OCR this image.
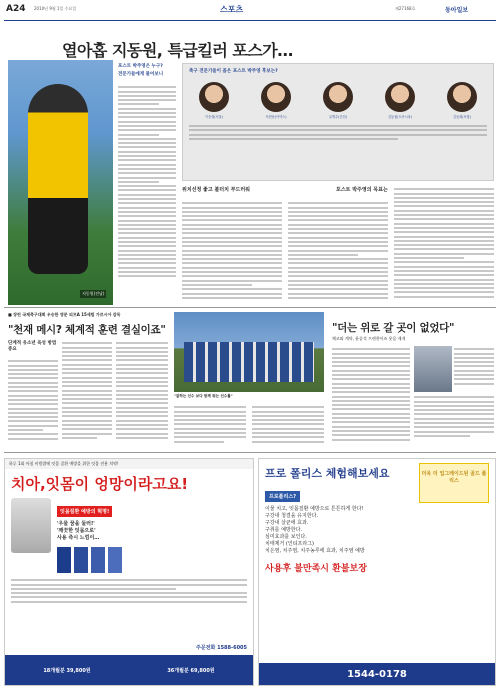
A24 2010년 9월 1일 수요일	스포츠	제27168호	동아일보
열아홉 지동원, 특급킬러 포스가…
지동원(전남)
포스트 박주영은 누구?
전문가들에게 물어보니
축구 전문가들이 꼽은 포스트 박주영 후보는?
이승렬(서울)	석현준(아약스)	유병수(인천)	김동섭(도쿠시마)	김동희(포항)
위치선정 좋고 볼터치 부드러워	포스트 박주영의 목표는
■ 장린 국제축구대회 우승한 영문 피프A 15세팀 가르시아 감독
"천재 메시? 체계적 훈련 결실이죠"
단계적 유소년 육성 방법 중요
"잘하는 선수 보다 함께 뛰는 선수를"
"더는 위로 갈 곳이 없었다"
체코와 계약, 윤종석 프랜챤이즈 웃음 재개
하루 1회 아침 비빔밥에 잇몸 질환 예방을 위한 잇몸 전용 치약!
치아,잇몸이 엉망이라고요!
잇몸질환 예방의 혁명!
'우물 꿈을 둘러!'
'깨끗한 잇몸으로'
사용 즉시 느낌이…
18개월분 39,800원	36개월분 69,800원
주문전화 1588-6005
프로 폴리스 체험해보세요	더욱 더 업그레이드된 골드 폴리스
프로폴리스?
이물 치고, 잇몸질환 예방으로 튼튼하게 한다!
구강내 청결을 유지한다.
구강내 살균에 효과.
구취를 예방한다.
심미효과를 보인다.
치태제거 (인티프라그)
치은염, 치주염, 치주농루에 효과, 치주염 예방
사용후 불만족시 환불보장
1544-0178
